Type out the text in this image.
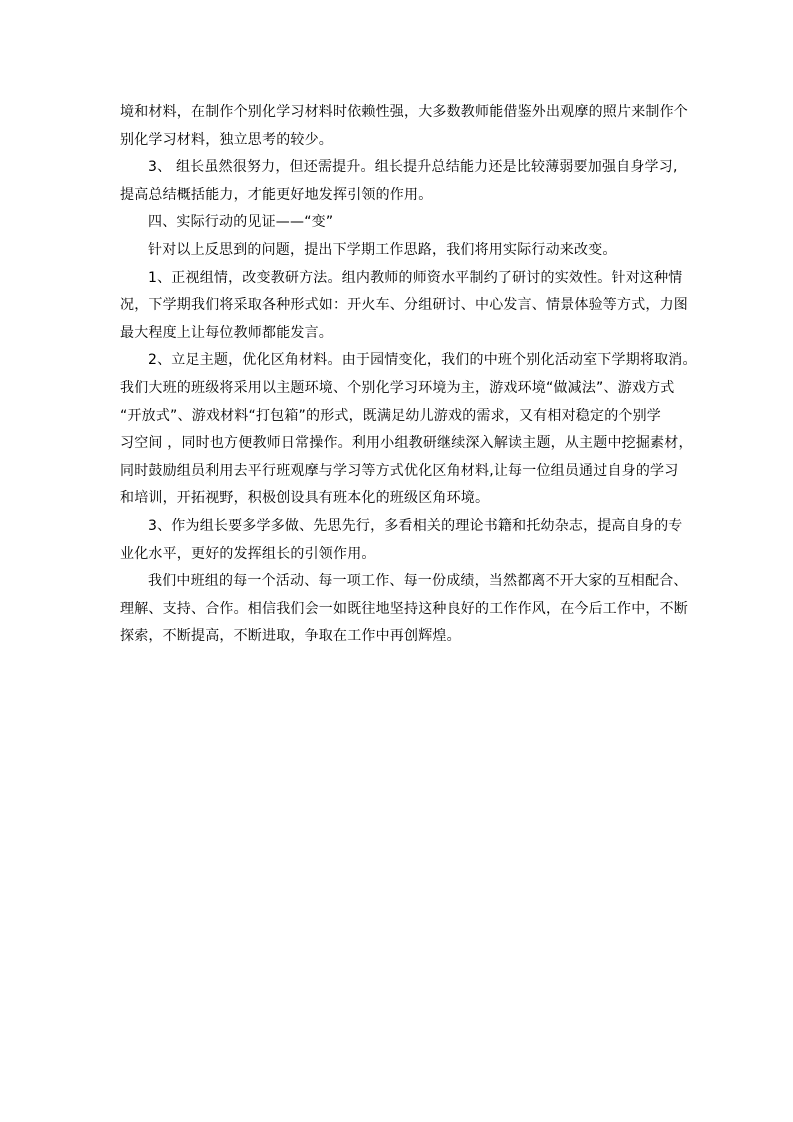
境和材料，在制作个别化学习材料时依赖性强，大多数教师能借鉴外出观摩的照片来制作个
别化学习材料，独立思考的较少。
3、 组长虽然很努力，但还需提升。组长提升总结能力还是比较薄弱要加强自身学习,
提高总结概括能力，才能更好地发挥引领的作用。
四、实际行动的见证——“变”
针对以上反思到的问题，提出下学期工作思路，我们将用实际行动来改变。
1、正视组情，改变教研方法。组内教师的师资水平制约了研讨的实效性。针对这种情
况，下学期我们将采取各种形式如：开火车、分组研讨、中心发言、情景体验等方式，力图
最大程度上让每位教师都能发言。
2、立足主题，优化区角材料。由于园情变化，我们的中班个别化活动室下学期将取消。
我们大班的班级将采用以主题环境、个别化学习环境为主，游戏环境“做减法”、游戏方式
“开放式”、游戏材料“打包箱”的形式，既满足幼儿游戏的需求，又有相对稳定的个别学
习空间 ，同时也方便教师日常操作。利用小组教研继续深入解读主题，从主题中挖掘素材，
同时鼓励组员利用去平行班观摩与学习等方式优化区角材料,让每一位组员通过自身的学习
和培训，开拓视野，积极创设具有班本化的班级区角环境。
3、作为组长要多学多做、先思先行，多看相关的理论书籍和托幼杂志，提高自身的专
业化水平，更好的发挥组长的引领作用。
我们中班组的每一个活动、每一项工作、每一份成绩，当然都离不开大家的互相配合、
理解、支持、合作。相信我们会一如既往地坚持这种良好的工作作风，在今后工作中，不断
探索，不断提高，不断进取，争取在工作中再创辉煌。
